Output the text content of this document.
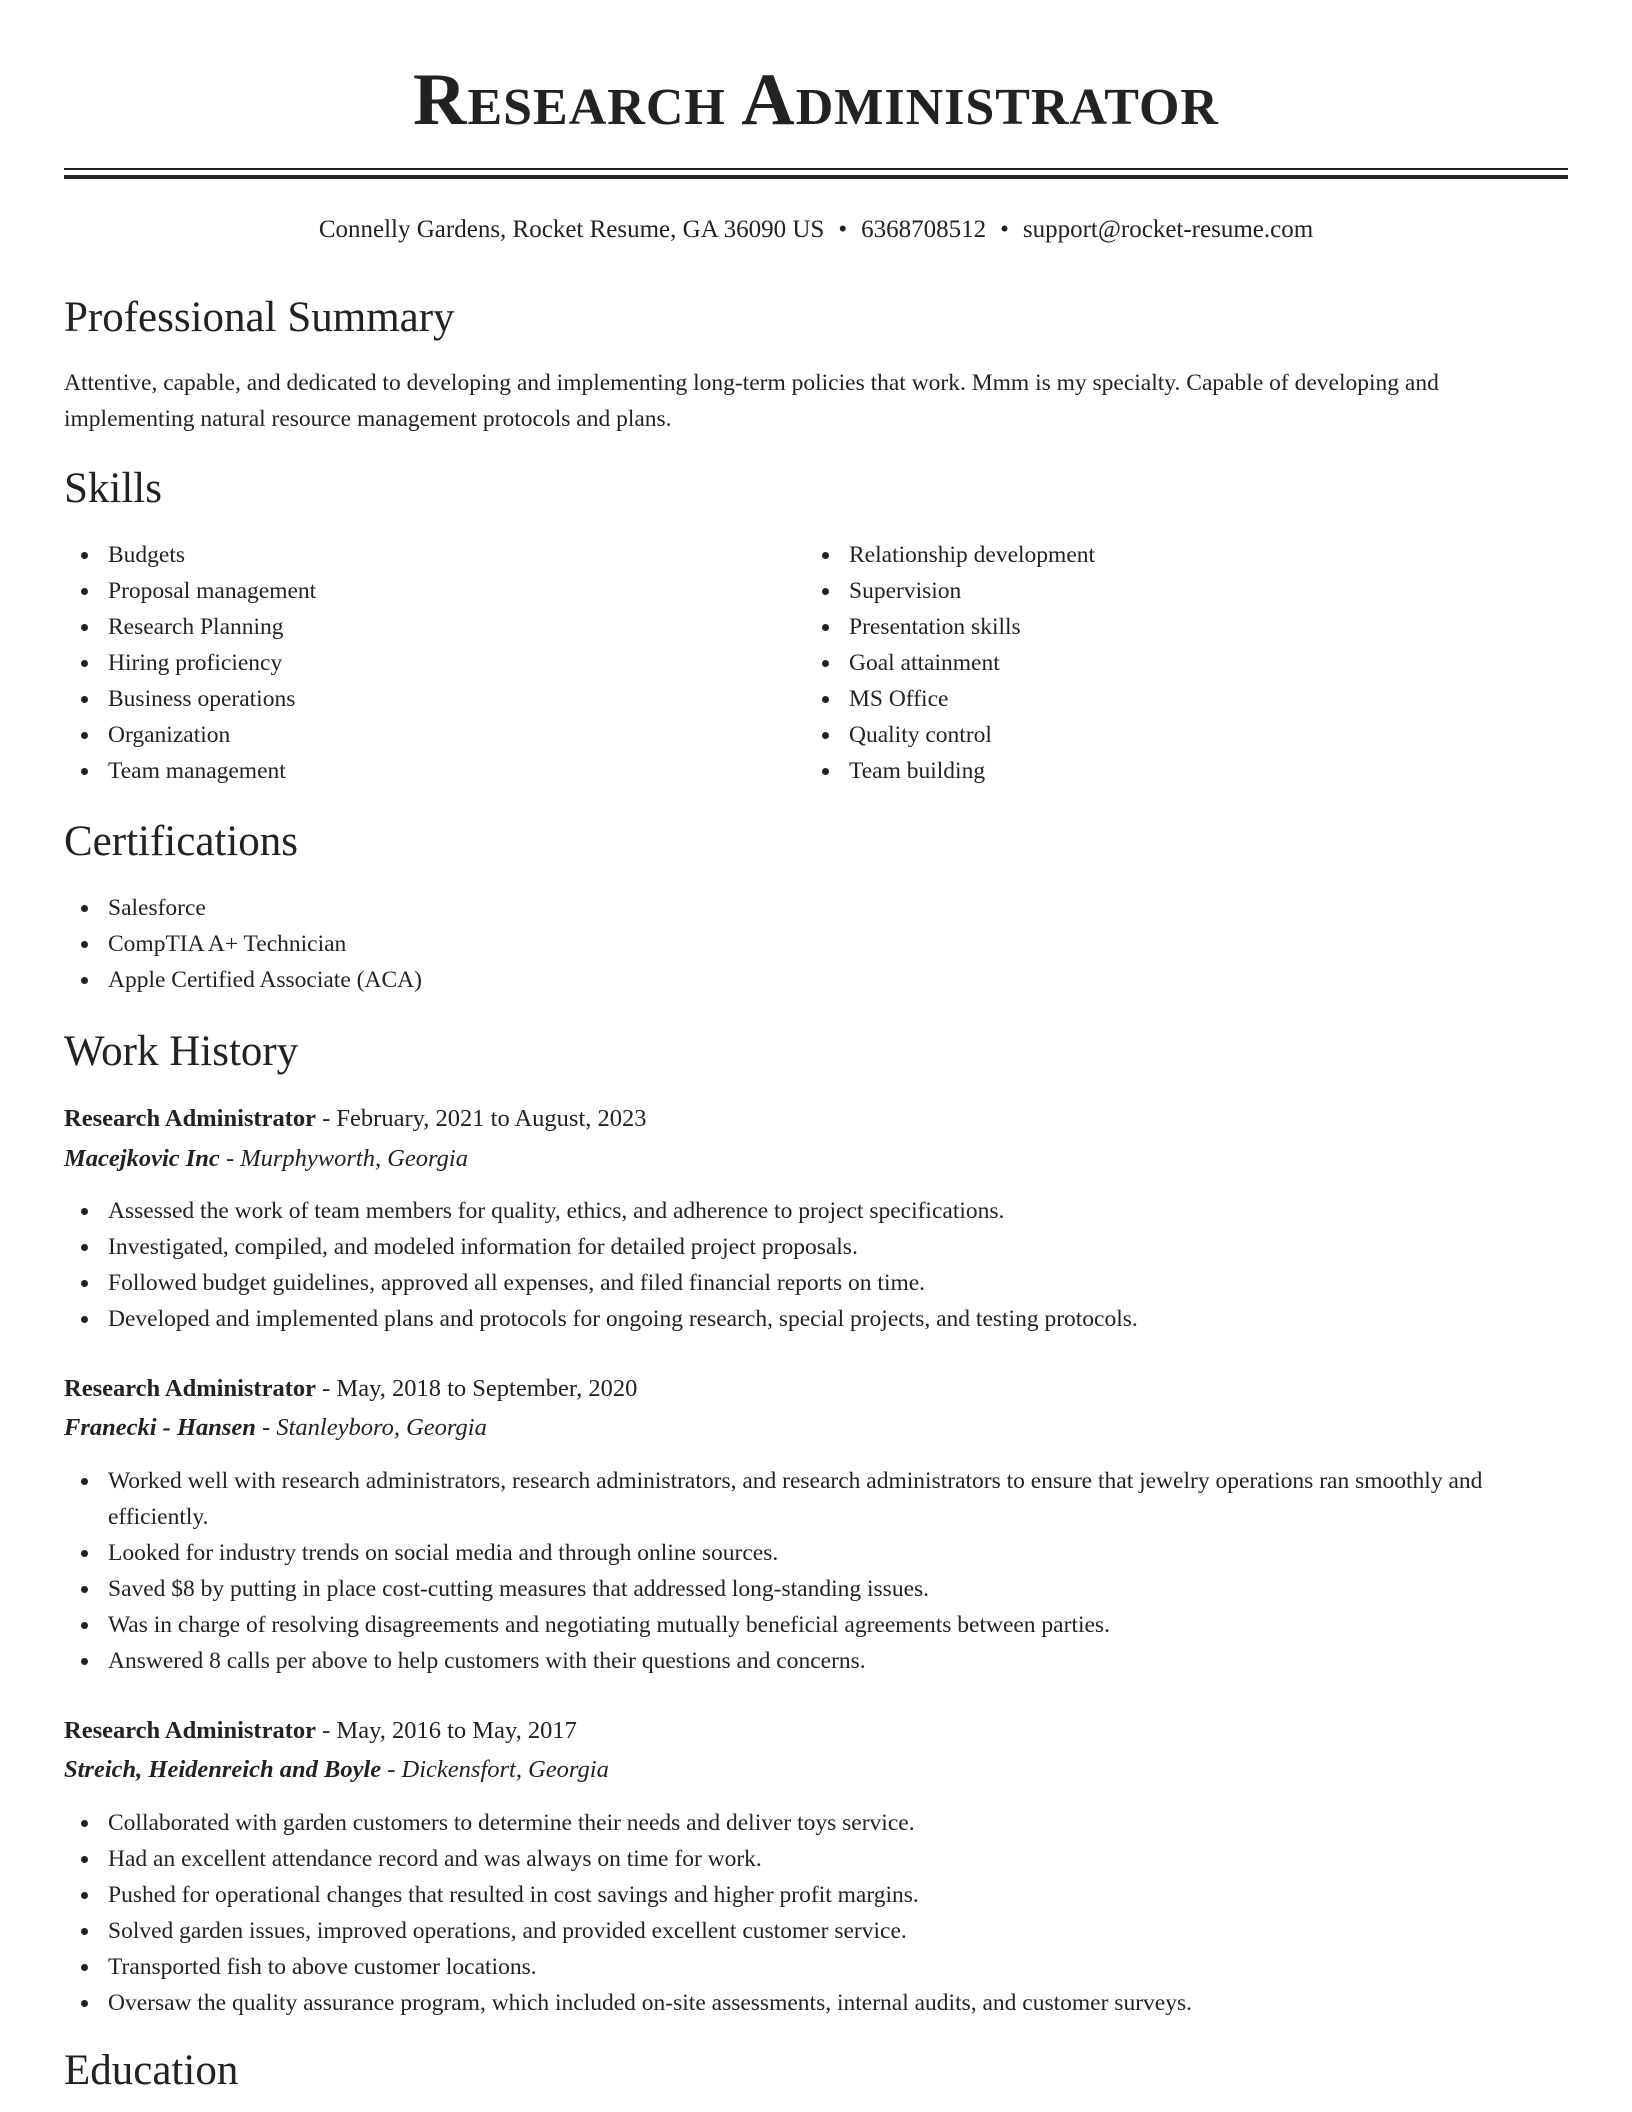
Research Administrator
Connelly Gardens, Rocket Resume, GA 36090 US • 6368708512 • support@rocket-resume.com
Professional Summary

Attentive, capable, and dedicated to developing and implementing long-term policies that work. Mmm is my specialty. Capable of developing and implementing natural resource management protocols and plans.

Skills
Budgets
Proposal management
Research Planning
Hiring proficiency
Business operations
Organization
Team management
Relationship development
Supervision
Presentation skills
Goal attainment
MS Office
Quality control
Team building
Certifications
Salesforce
CompTIA A+ Technician
Apple Certified Associate (ACA)
Work History
Research Administrator - February, 2021 to August, 2023
Macejkovic Inc - Murphyworth, Georgia
Assessed the work of team members for quality, ethics, and adherence to project specifications.
Investigated, compiled, and modeled information for detailed project proposals.
Followed budget guidelines, approved all expenses, and filed financial reports on time.
Developed and implemented plans and protocols for ongoing research, special projects, and testing protocols.
Research Administrator - May, 2018 to September, 2020
Franecki - Hansen - Stanleyboro, Georgia
Worked well with research administrators, research administrators, and research administrators to ensure that jewelry operations ran smoothly and efficiently.
Looked for industry trends on social media and through online sources.
Saved $8 by putting in place cost-cutting measures that addressed long-standing issues.
Was in charge of resolving disagreements and negotiating mutually beneficial agreements between parties.
Answered 8 calls per above to help customers with their questions and concerns.
Research Administrator - May, 2016 to May, 2017
Streich, Heidenreich and Boyle - Dickensfort, Georgia
Collaborated with garden customers to determine their needs and deliver toys service.
Had an excellent attendance record and was always on time for work.
Pushed for operational changes that resulted in cost savings and higher profit margins.
Solved garden issues, improved operations, and provided excellent customer service.
Transported fish to above customer locations.
Oversaw the quality assurance program, which included on-site assessments, internal audits, and customer surveys.
Education
